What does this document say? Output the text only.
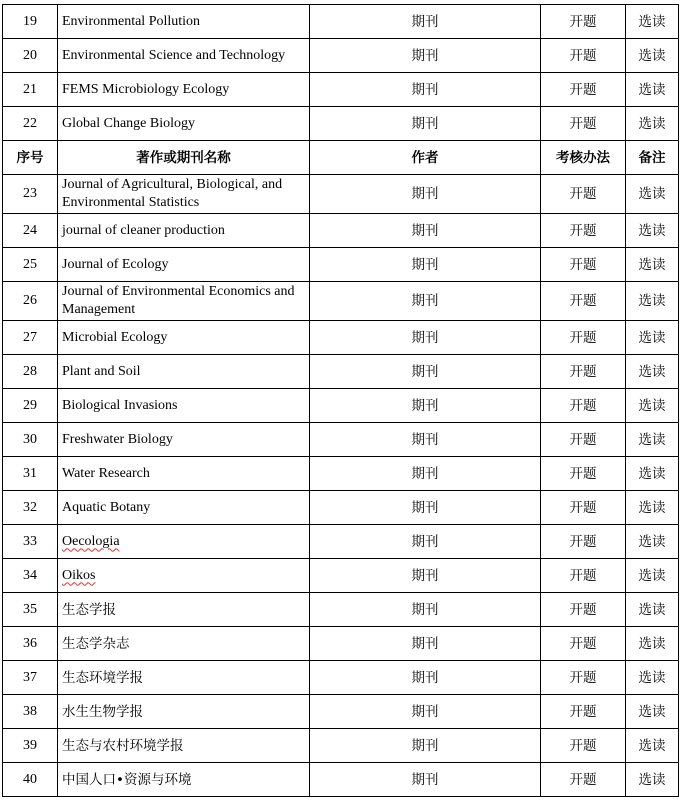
19	Environmental Pollution	期刊	开题	选读
20	Environmental Science and Technology	期刊	开题	选读
21	FEMS Microbiology Ecology	期刊	开题	选读
22	Global Change Biology	期刊	开题	选读
序号	著作或期刊名称	作者	考核办法	备注
23	Journal of Agricultural, Biological, and Environmental Statistics	期刊	开题	选读
24	journal of cleaner production	期刊	开题	选读
25	Journal of Ecology	期刊	开题	选读
26	Journal of Environmental Economics and Management	期刊	开题	选读
27	Microbial Ecology	期刊	开题	选读
28	Plant and Soil	期刊	开题	选读
29	Biological Invasions	期刊	开题	选读
30	Freshwater Biology	期刊	开题	选读
31	Water Research	期刊	开题	选读
32	Aquatic Botany	期刊	开题	选读
33	Oecologia	期刊	开题	选读
34	Oikos	期刊	开题	选读
35	生态学报	期刊	开题	选读
36	生态学杂志	期刊	开题	选读
37	生态环境学报	期刊	开题	选读
38	水生生物学报	期刊	开题	选读
39	生态与农村环境学报	期刊	开题	选读
40	中国人口•资源与环境	期刊	开题	选读
